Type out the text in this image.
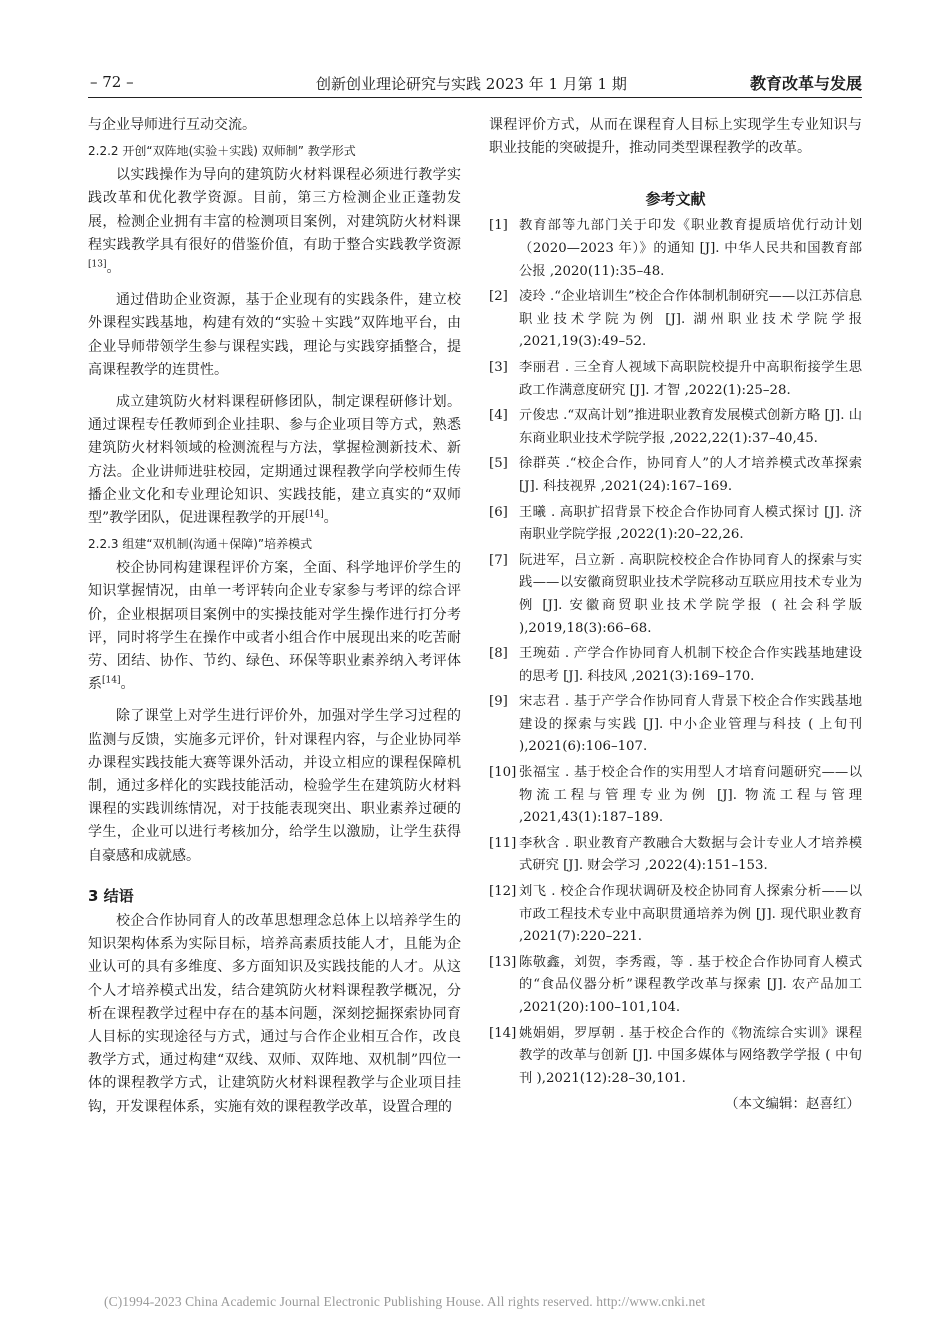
– 72 –	创新创业理论研究与实践 2023 年 1 月第 1 期	教育改革与发展

与企业导师进行互动交流。

2.2.2 开创“双阵地(实验＋实践) 双师制” 教学形式

以实践操作为导向的建筑防火材料课程必须进行教学实践改革和优化教学资源。目前，第三方检测企业正蓬勃发展，检测企业拥有丰富的检测项目案例，对建筑防火材料课程实践教学具有很好的借鉴价值，有助于整合实践教学资源[13]。

通过借助企业资源，基于企业现有的实践条件，建立校外课程实践基地，构建有效的“实验＋实践”双阵地平台，由企业导师带领学生参与课程实践，理论与实践穿插整合，提高课程教学的连贯性。

成立建筑防火材料课程研修团队，制定课程研修计划。通过课程专任教师到企业挂职、参与企业项目等方式，熟悉建筑防火材料领域的检测流程与方法，掌握检测新技术、新方法。企业讲师进驻校园，定期通过课程教学向学校师生传播企业文化和专业理论知识、实践技能，建立真实的“双师型”教学团队，促进课程教学的开展[14]。

2.2.3 组建“双机制(沟通＋保障)”培养模式

校企协同构建课程评价方案，全面、科学地评价学生的知识掌握情况，由单一考评转向企业专家参与考评的综合评价，企业根据项目案例中的实操技能对学生操作进行打分考评，同时将学生在操作中或者小组合作中展现出来的吃苦耐劳、团结、协作、节约、绿色、环保等职业素养纳入考评体系[14]。

除了课堂上对学生进行评价外，加强对学生学习过程的监测与反馈，实施多元评价，针对课程内容，与企业协同举办课程实践技能大赛等课外活动，并设立相应的课程保障机制，通过多样化的实践技能活动，检验学生在建筑防火材料课程的实践训练情况，对于技能表现突出、职业素养过硬的学生，企业可以进行考核加分，给学生以激励，让学生获得自豪感和成就感。

3 结语

校企合作协同育人的改革思想理念总体上以培养学生的知识架构体系为实际目标，培养高素质技能人才，且能为企业认可的具有多维度、多方面知识及实践技能的人才。从这个人才培养模式出发，结合建筑防火材料课程教学概况，分析在课程教学过程中存在的基本问题，深刻挖掘探索协同育人目标的实现途径与方式，通过与合作企业相互合作，改良教学方式，通过构建“双线、双师、双阵地、双机制”四位一体的课程教学方式，让建筑防火材料课程教学与企业项目挂钩，开发课程体系，实施有效的课程教学改革，设置合理的

课程评价方式，从而在课程育人目标上实现学生专业知识与职业技能的突破提升，推动同类型课程教学的改革。

参考文献
[1] 教育部等九部门关于印发《职业教育提质培优行动计划（2020—2023 年）》的通知 [J]. 中华人民共和国教育部公报 ,2020(11):35–48.
[2] 凌玲 .“企业培训生”校企合作体制机制研究——以江苏信息职业技术学院为例 [J]. 湖州职业技术学院学报 ,2021,19(3):49–52.
[3] 李丽君 . 三全育人视域下高职院校提升中高职衔接学生思政工作满意度研究 [J]. 才智 ,2022(1):25–28.
[4] 亓俊忠 .“双高计划”推进职业教育发展模式创新方略 [J]. 山东商业职业技术学院学报 ,2022,22(1):37–40,45.
[5] 徐群英 .“校企合作，协同育人”的人才培养模式改革探索 [J]. 科技视界 ,2021(24):167–169.
[6] 王曦 . 高职扩招背景下校企合作协同育人模式探讨 [J]. 济南职业学院学报 ,2022(1):20–22,26.
[7] 阮进军，吕立新 . 高职院校校企合作协同育人的探索与实践——以安徽商贸职业技术学院移动互联应用技术专业为例 [J]. 安徽商贸职业技术学院学报 ( 社会科学版 ),2019,18(3):66–68.
[8] 王琬茹 . 产学合作协同育人机制下校企合作实践基地建设的思考 [J]. 科技风 ,2021(3):169–170.
[9] 宋志君 . 基于产学合作协同育人背景下校企合作实践基地建设的探索与实践 [J]. 中小企业管理与科技 ( 上旬刊 ),2021(6):106–107.
[10] 张福宝 . 基于校企合作的实用型人才培育问题研究——以物流工程与管理专业为例 [J]. 物流工程与管理 ,2021,43(1):187–189.
[11] 李秋含 . 职业教育产教融合大数据与会计专业人才培养模式研究 [J]. 财会学习 ,2022(4):151–153.
[12] 刘飞 . 校企合作现状调研及校企协同育人探索分析——以市政工程技术专业中高职贯通培养为例 [J]. 现代职业教育 ,2021(7):220–221.
[13] 陈敬鑫，刘贺，李秀霞，等 . 基于校企合作协同育人模式的“食品仪器分析”课程教学改革与探索 [J]. 农产品加工 ,2021(20):100–101,104.
[14] 姚娟娟，罗厚朝 . 基于校企合作的《物流综合实训》课程教学的改革与创新 [J]. 中国多媒体与网络教学学报 ( 中旬刊 ),2021(12):28–30,101.
（本文编辑：赵喜红）
(C)1994-2023 China Academic Journal Electronic Publishing House. All rights reserved. http://www.cnki.net
